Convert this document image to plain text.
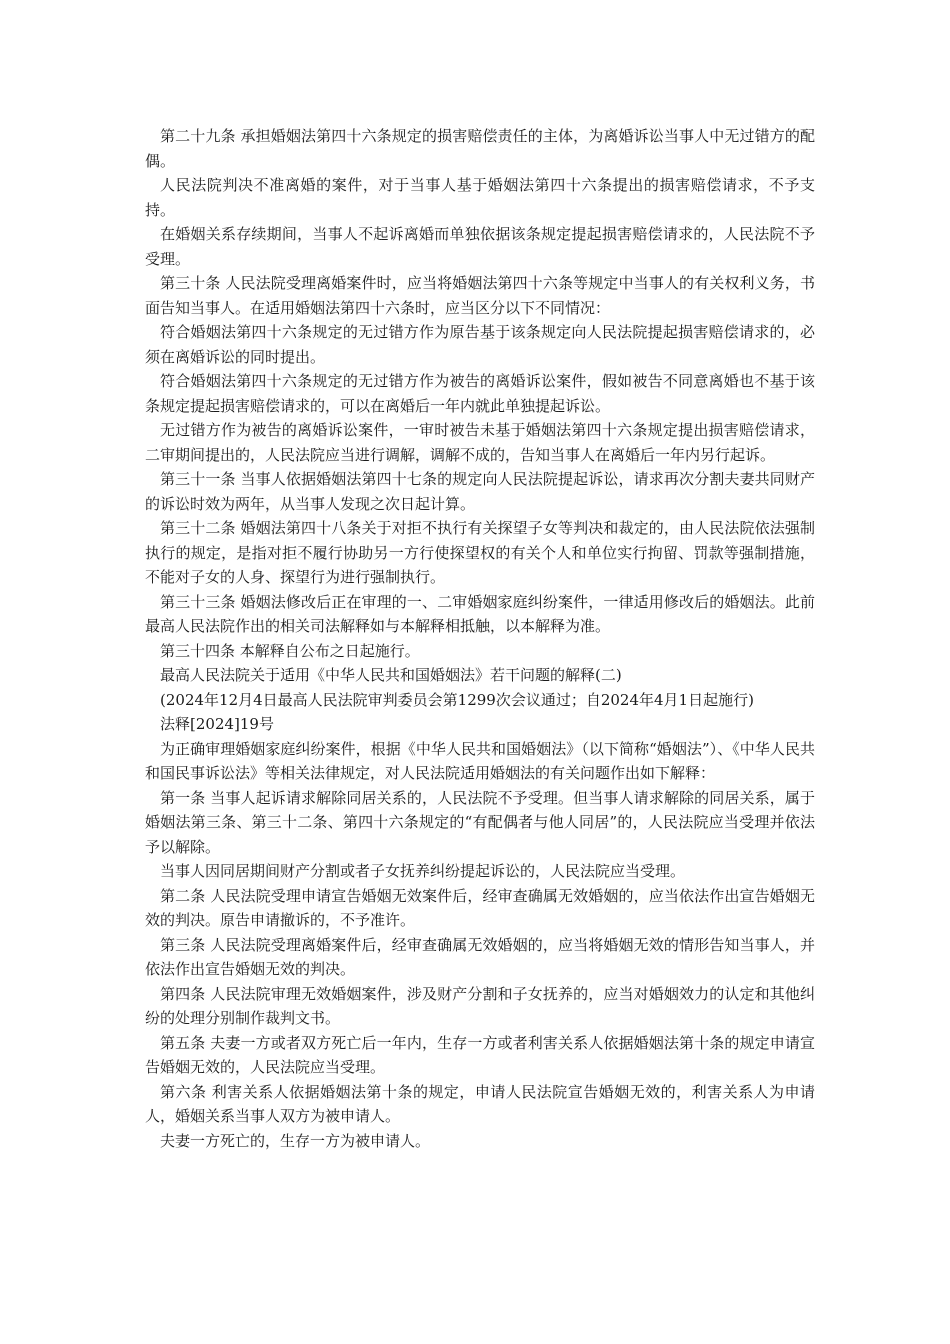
第二十九条 承担婚姻法第四十六条规定的损害赔偿责任的主体，为离婚诉讼当事人中无过错方的配偶。

人民法院判决不准离婚的案件，对于当事人基于婚姻法第四十六条提出的损害赔偿请求，不予支持。

在婚姻关系存续期间，当事人不起诉离婚而单独依据该条规定提起损害赔偿请求的，人民法院不予受理。

第三十条 人民法院受理离婚案件时，应当将婚姻法第四十六条等规定中当事人的有关权利义务，书面告知当事人。在适用婚姻法第四十六条时，应当区分以下不同情况：

符合婚姻法第四十六条规定的无过错方作为原告基于该条规定向人民法院提起损害赔偿请求的，必须在离婚诉讼的同时提出。

符合婚姻法第四十六条规定的无过错方作为被告的离婚诉讼案件，假如被告不同意离婚也不基于该条规定提起损害赔偿请求的，可以在离婚后一年内就此单独提起诉讼。

无过错方作为被告的离婚诉讼案件，一审时被告未基于婚姻法第四十六条规定提出损害赔偿请求，二审期间提出的，人民法院应当进行调解，调解不成的，告知当事人在离婚后一年内另行起诉。

第三十一条 当事人依据婚姻法第四十七条的规定向人民法院提起诉讼，请求再次分割夫妻共同财产的诉讼时效为两年，从当事人发现之次日起计算。

第三十二条 婚姻法第四十八条关于对拒不执行有关探望子女等判决和裁定的，由人民法院依法强制执行的规定，是指对拒不履行协助另一方行使探望权的有关个人和单位实行拘留、罚款等强制措施，不能对子女的人身、探望行为进行强制执行。

第三十三条 婚姻法修改后正在审理的一、二审婚姻家庭纠纷案件，一律适用修改后的婚姻法。此前最高人民法院作出的相关司法解释如与本解释相抵触，以本解释为准。

第三十四条 本解释自公布之日起施行。

最高人民法院关于适用《中华人民共和国婚姻法》若干问题的解释(二)

(2024年12月4日最高人民法院审判委员会第1299次会议通过；自2024年4月1日起施行)

法释[2024]19号

为正确审理婚姻家庭纠纷案件，根据《中华人民共和国婚姻法》（以下简称“婚姻法”）、《中华人民共和国民事诉讼法》等相关法律规定，对人民法院适用婚姻法的有关问题作出如下解释：

第一条 当事人起诉请求解除同居关系的，人民法院不予受理。但当事人请求解除的同居关系，属于婚姻法第三条、第三十二条、第四十六条规定的“有配偶者与他人同居”的，人民法院应当受理并依法予以解除。

当事人因同居期间财产分割或者子女抚养纠纷提起诉讼的，人民法院应当受理。

第二条 人民法院受理申请宣告婚姻无效案件后，经审查确属无效婚姻的，应当依法作出宣告婚姻无效的判决。原告申请撤诉的，不予准许。

第三条 人民法院受理离婚案件后，经审查确属无效婚姻的，应当将婚姻无效的情形告知当事人，并依法作出宣告婚姻无效的判决。

第四条 人民法院审理无效婚姻案件，涉及财产分割和子女抚养的，应当对婚姻效力的认定和其他纠纷的处理分别制作裁判文书。

第五条 夫妻一方或者双方死亡后一年内，生存一方或者利害关系人依据婚姻法第十条的规定申请宣告婚姻无效的，人民法院应当受理。

第六条 利害关系人依据婚姻法第十条的规定，申请人民法院宣告婚姻无效的，利害关系人为申请人，婚姻关系当事人双方为被申请人。

夫妻一方死亡的，生存一方为被申请人。
